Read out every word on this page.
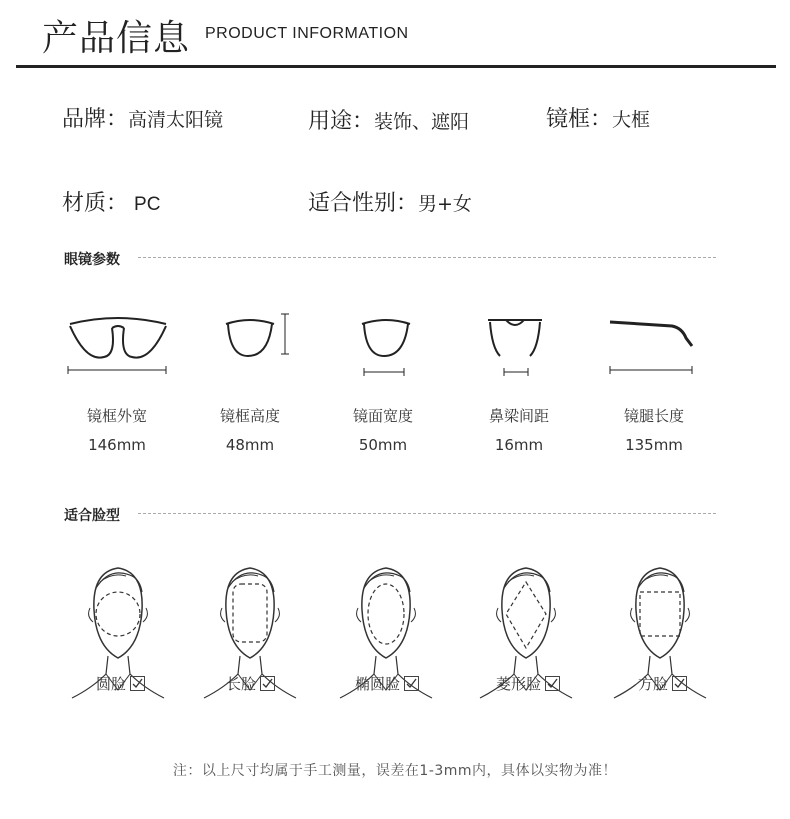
产品信息 PRODUCT INFORMATION
品牌：高清太阳镜	用途：装饰、遮阳	镜框：大框
材质： PC	适合性别：男+女
眼镜参数
镜框外宽
146mm
镜框高度
48mm
镜面宽度
50mm
鼻梁间距
16mm
镜腿长度
135mm
适合脸型
圆脸	长脸	椭圆脸	菱形脸	方脸
注：以上尺寸均属于手工测量，误差在1-3mm内，具体以实物为准！
